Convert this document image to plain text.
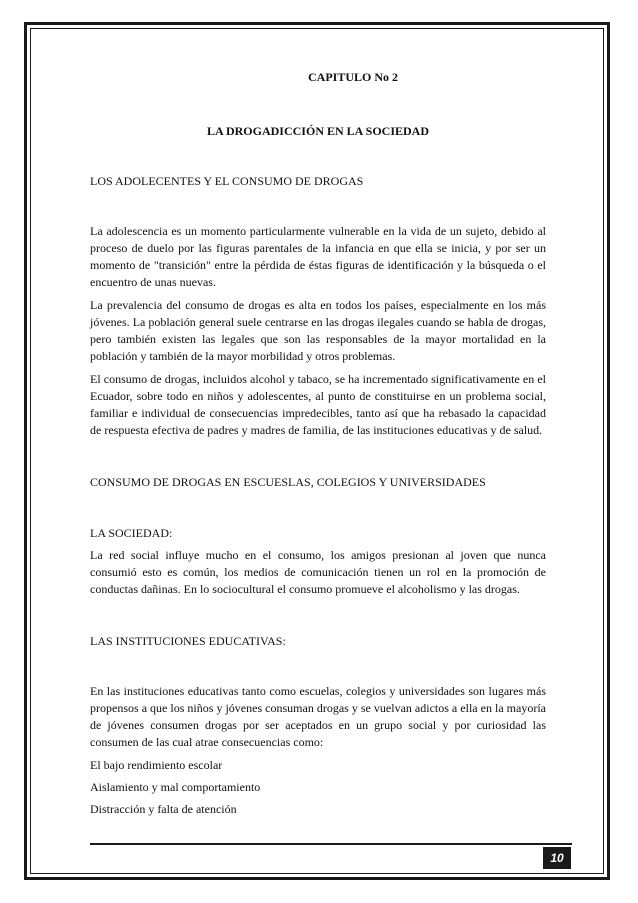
CAPITULO No 2

LA DROGADICCIÓN EN LA SOCIEDAD

LOS ADOLECENTES Y EL CONSUMO DE DROGAS

La adolescencia es un momento particularmente vulnerable en la vida de un sujeto, debido al proceso de duelo por las figuras parentales de la infancia en que ella se inicia, y por ser un momento de "transición" entre la pérdida de éstas figuras de identificación y la búsqueda o el encuentro de unas nuevas.

La prevalencia del consumo de drogas es alta en todos los países, especialmente en los más jóvenes. La población general suele centrarse en las drogas ilegales cuando se habla de drogas, pero también existen las legales que son las responsables de la mayor mortalidad en la población y también de la mayor morbilidad y otros problemas.

El consumo de drogas, incluidos alcohol y tabaco, se ha incrementado significativamente en el Ecuador, sobre todo en niños y adolescentes, al punto de constituirse en un problema social, familiar e individual de consecuencias impredecibles, tanto así que ha rebasado la capacidad de respuesta efectiva de padres y madres de familia, de las instituciones educativas y de salud.

CONSUMO DE DROGAS EN ESCUESLAS, COLEGIOS Y UNIVERSIDADES

LA SOCIEDAD:

La red social influye mucho en el consumo, los amigos presionan al joven que nunca consumió esto es común, los medios de comunicación tienen un rol en la promoción de conductas dañinas. En lo sociocultural el consumo promueve el alcoholismo y las drogas.

LAS INSTITUCIONES EDUCATIVAS:

En las instituciones educativas tanto como escuelas, colegios y universidades son lugares más propensos a que los niños y jóvenes consuman drogas y se vuelvan adictos a ella en la mayoría de jóvenes consumen drogas por ser aceptados en un grupo social y por curiosidad las consumen de las cual atrae consecuencias como:

El bajo rendimiento escolar

Aislamiento y mal comportamiento

Distracción y falta de atención

10
